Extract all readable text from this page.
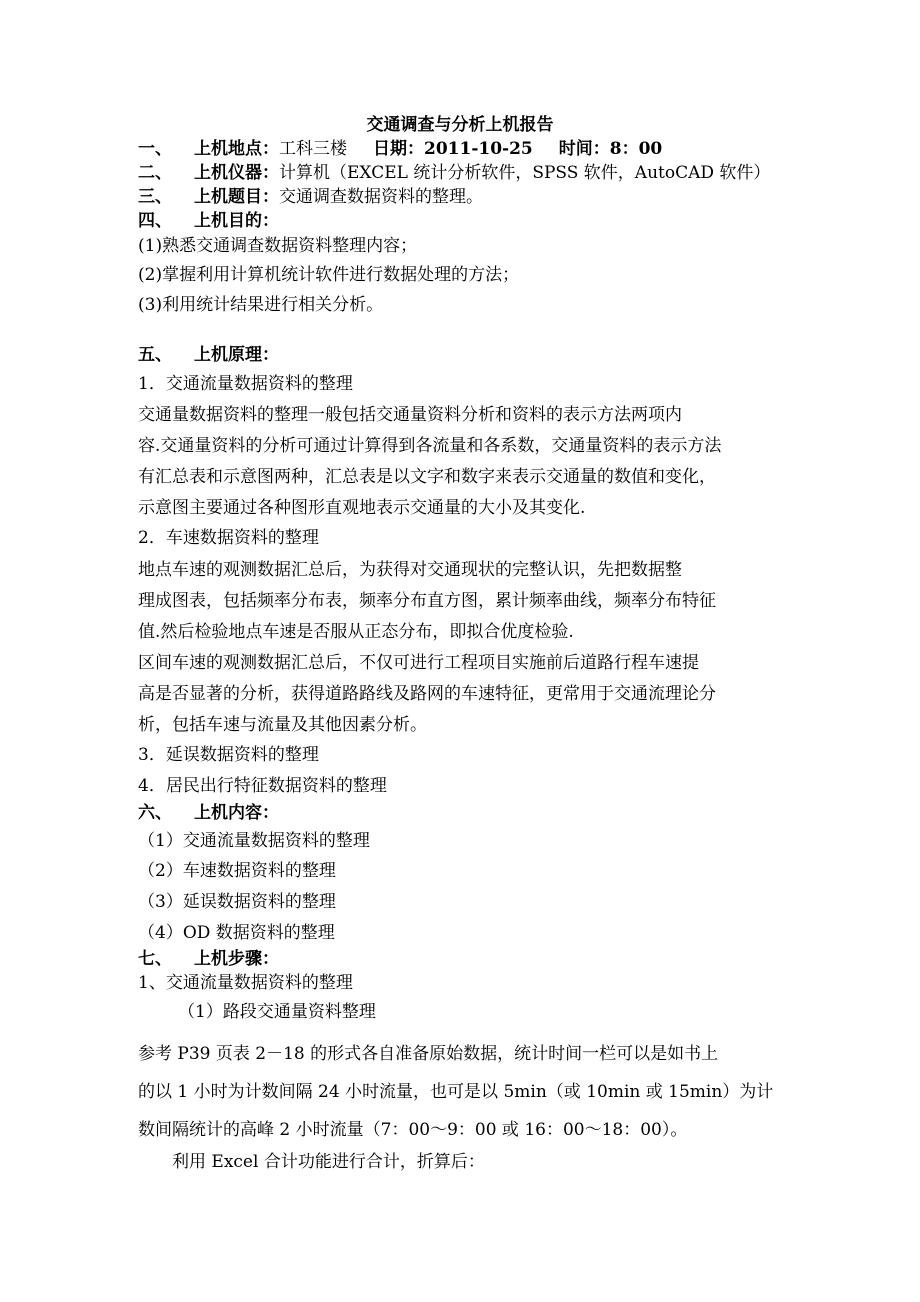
交通调查与分析上机报告
一、 上机地点：工科三楼 日期：2011-10-25 时间：8：00
二、 上机仪器：计算机（EXCEL 统计分析软件，SPSS 软件，AutoCAD 软件）
三、 上机题目：交通调查数据资料的整理。
四、 上机目的：
(1)熟悉交通调查数据资料整理内容；
(2)掌握利用计算机统计软件进行数据处理的方法；
(3)利用统计结果进行相关分析。
五、 上机原理：
1．交通流量数据资料的整理
交通量数据资料的整理一般包括交通量资料分析和资料的表示方法两项内
容.交通量资料的分析可通过计算得到各流量和各系数，交通量资料的表示方法
有汇总表和示意图两种，汇总表是以文字和数字来表示交通量的数值和变化，
示意图主要通过各种图形直观地表示交通量的大小及其变化.
2．车速数据资料的整理
地点车速的观测数据汇总后，为获得对交通现状的完整认识，先把数据整
理成图表，包括频率分布表，频率分布直方图，累计频率曲线，频率分布特征
值.然后检验地点车速是否服从正态分布，即拟合优度检验.
区间车速的观测数据汇总后，不仅可进行工程项目实施前后道路行程车速提
高是否显著的分析，获得道路路线及路网的车速特征，更常用于交通流理论分
析，包括车速与流量及其他因素分析。
3．延误数据资料的整理
4．居民出行特征数据资料的整理
六、 上机内容：
（1）交通流量数据资料的整理
（2）车速数据资料的整理
（3）延误数据资料的整理
（4）OD 数据资料的整理
七、 上机步骤：
1、交通流量数据资料的整理
（1）路段交通量资料整理
参考 P39 页表 2－18 的形式各自准备原始数据，统计时间一栏可以是如书上
的以 1 小时为计数间隔 24 小时流量，也可是以 5min（或 10min 或 15min）为计
数间隔统计的高峰 2 小时流量（7：00～9：00 或 16：00～18：00）。
利用 Excel 合计功能进行合计，折算后：
